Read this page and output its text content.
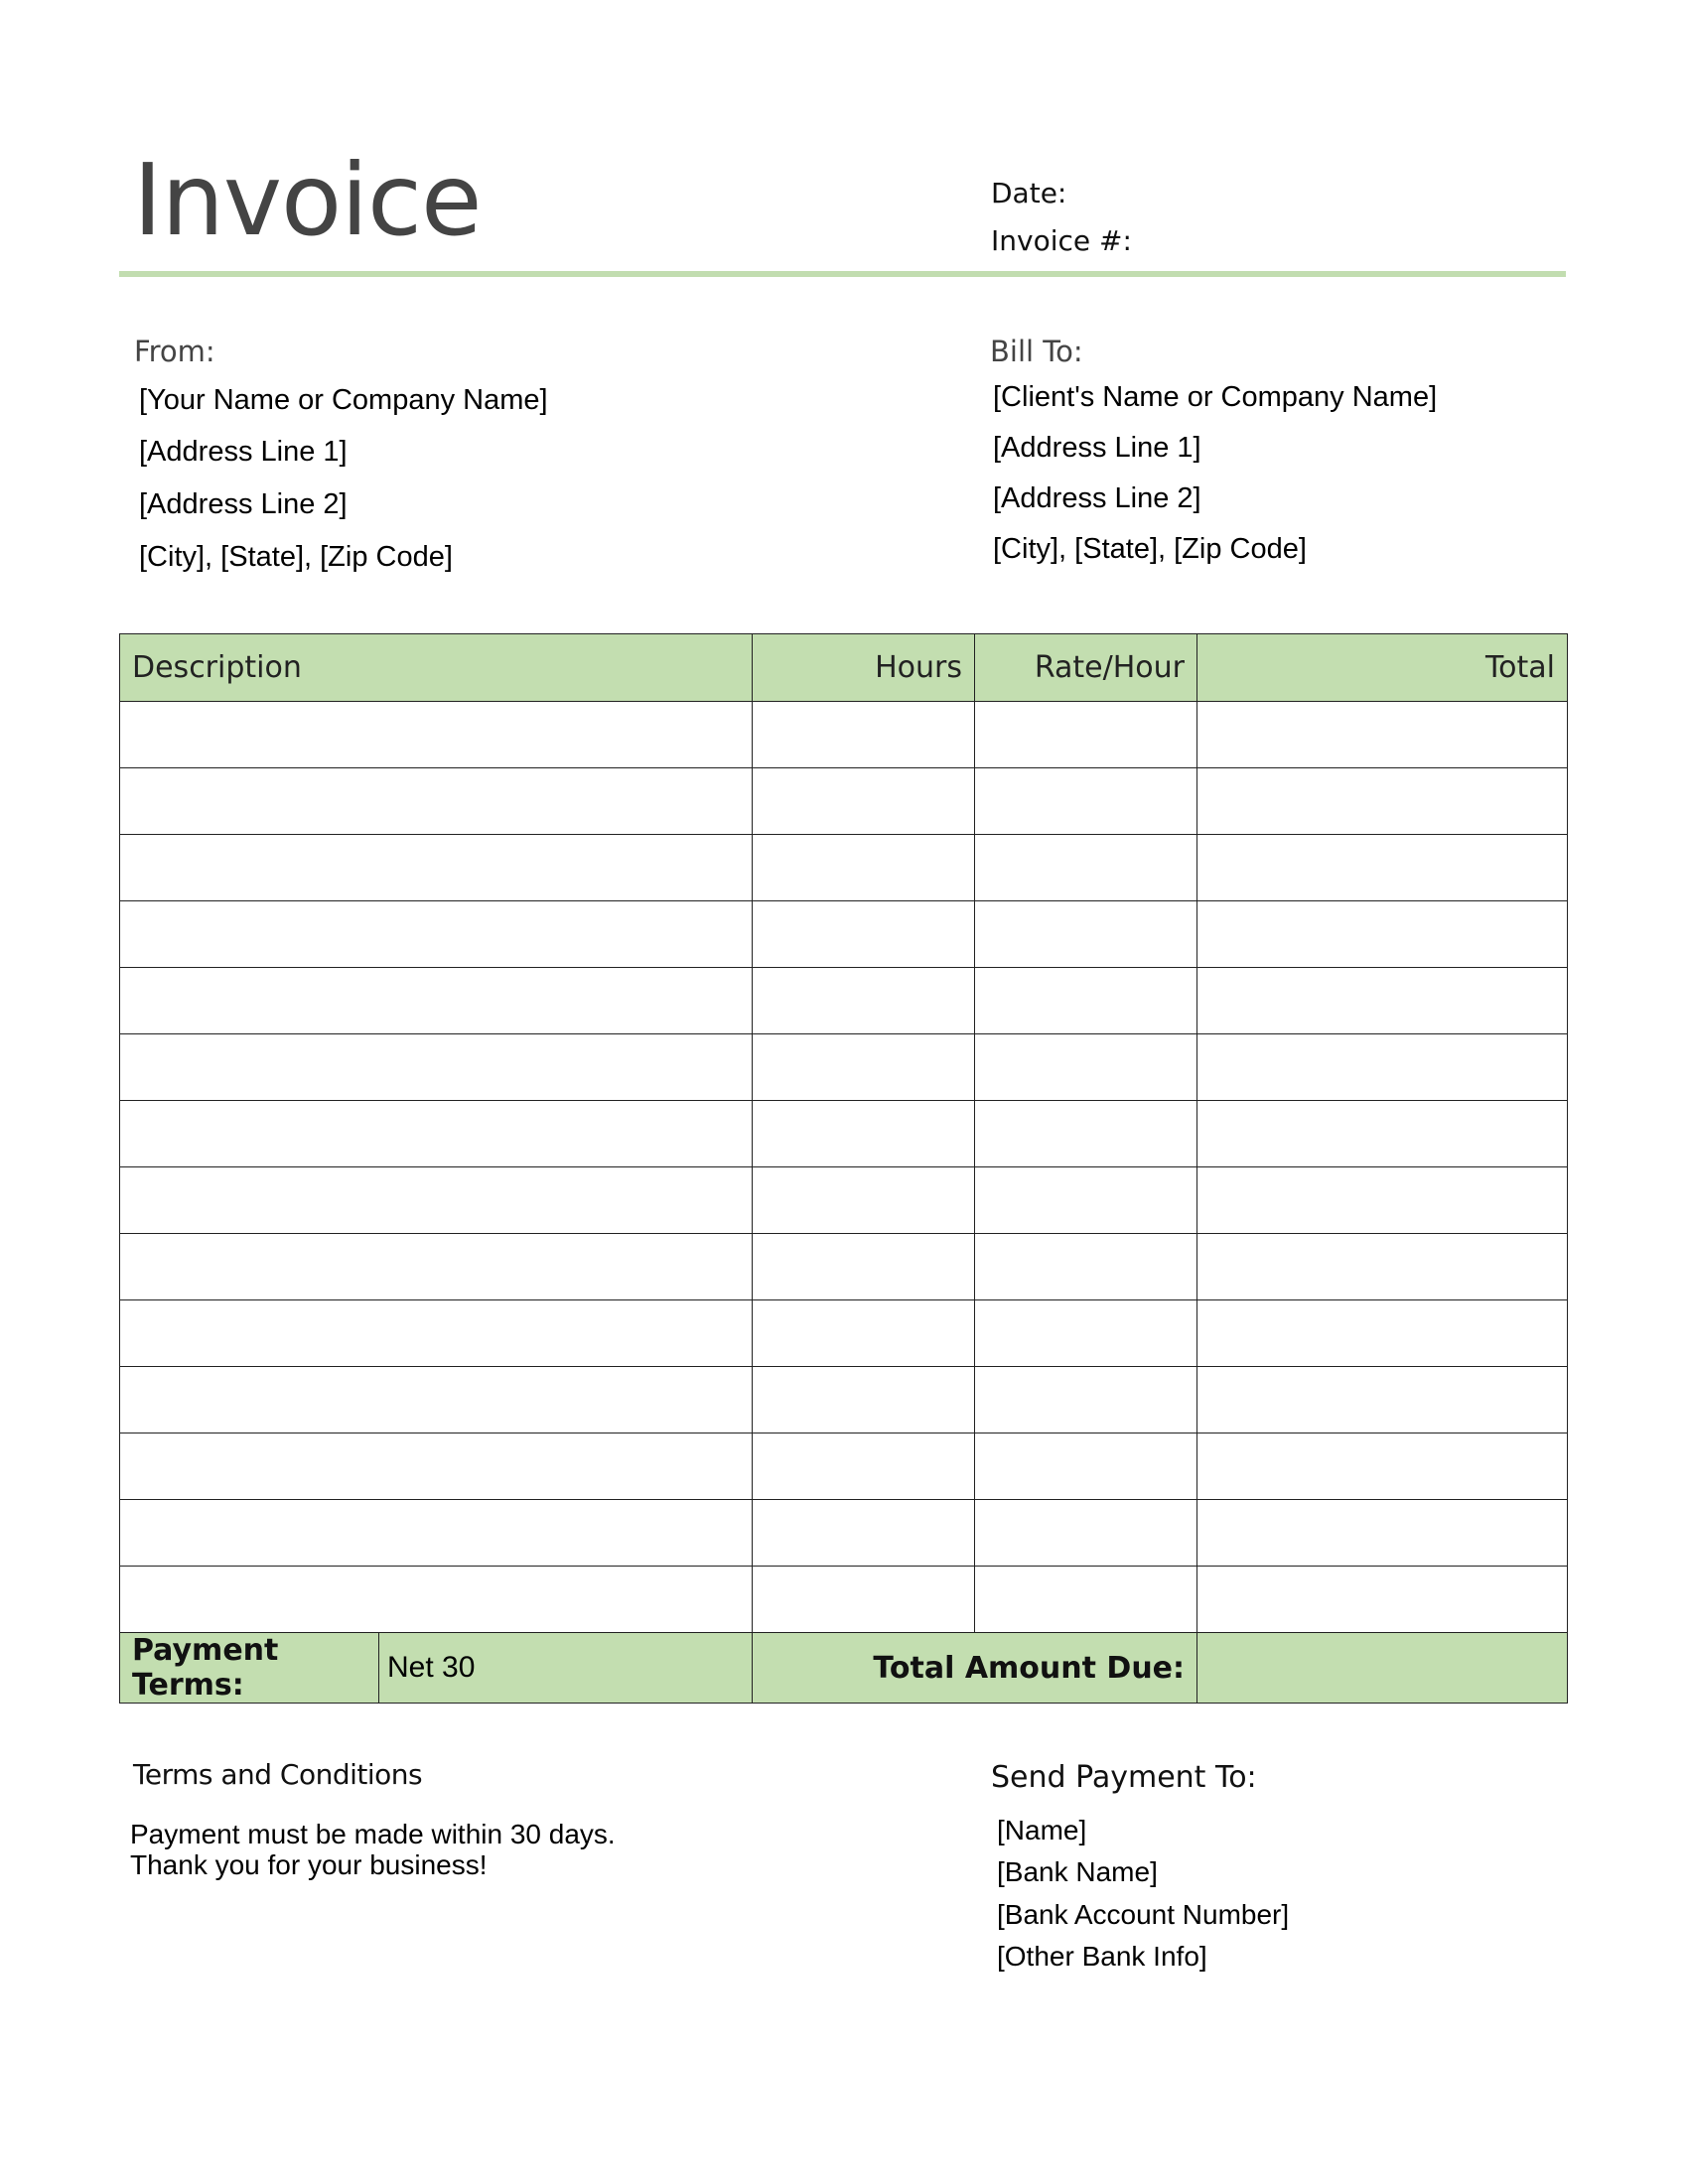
Invoice	Date:
Invoice #:
From:
[Your Name or Company Name]
[Address Line 1]
[Address Line 2]
[City], [State], [Zip Code]
Bill To:
[Client's Name or Company Name]
[Address Line 1]
[Address Line 2]
[City], [State], [Zip Code]
Description		Hours	Rate/Hour	Total

Payment Terms:	Net 30	Total Amount Due:		
Terms and Conditions
Payment must be made within 30 days.
Thank you for your business!
Send Payment To:
[Name]
[Bank Name]
[Bank Account Number]
[Other Bank Info]
